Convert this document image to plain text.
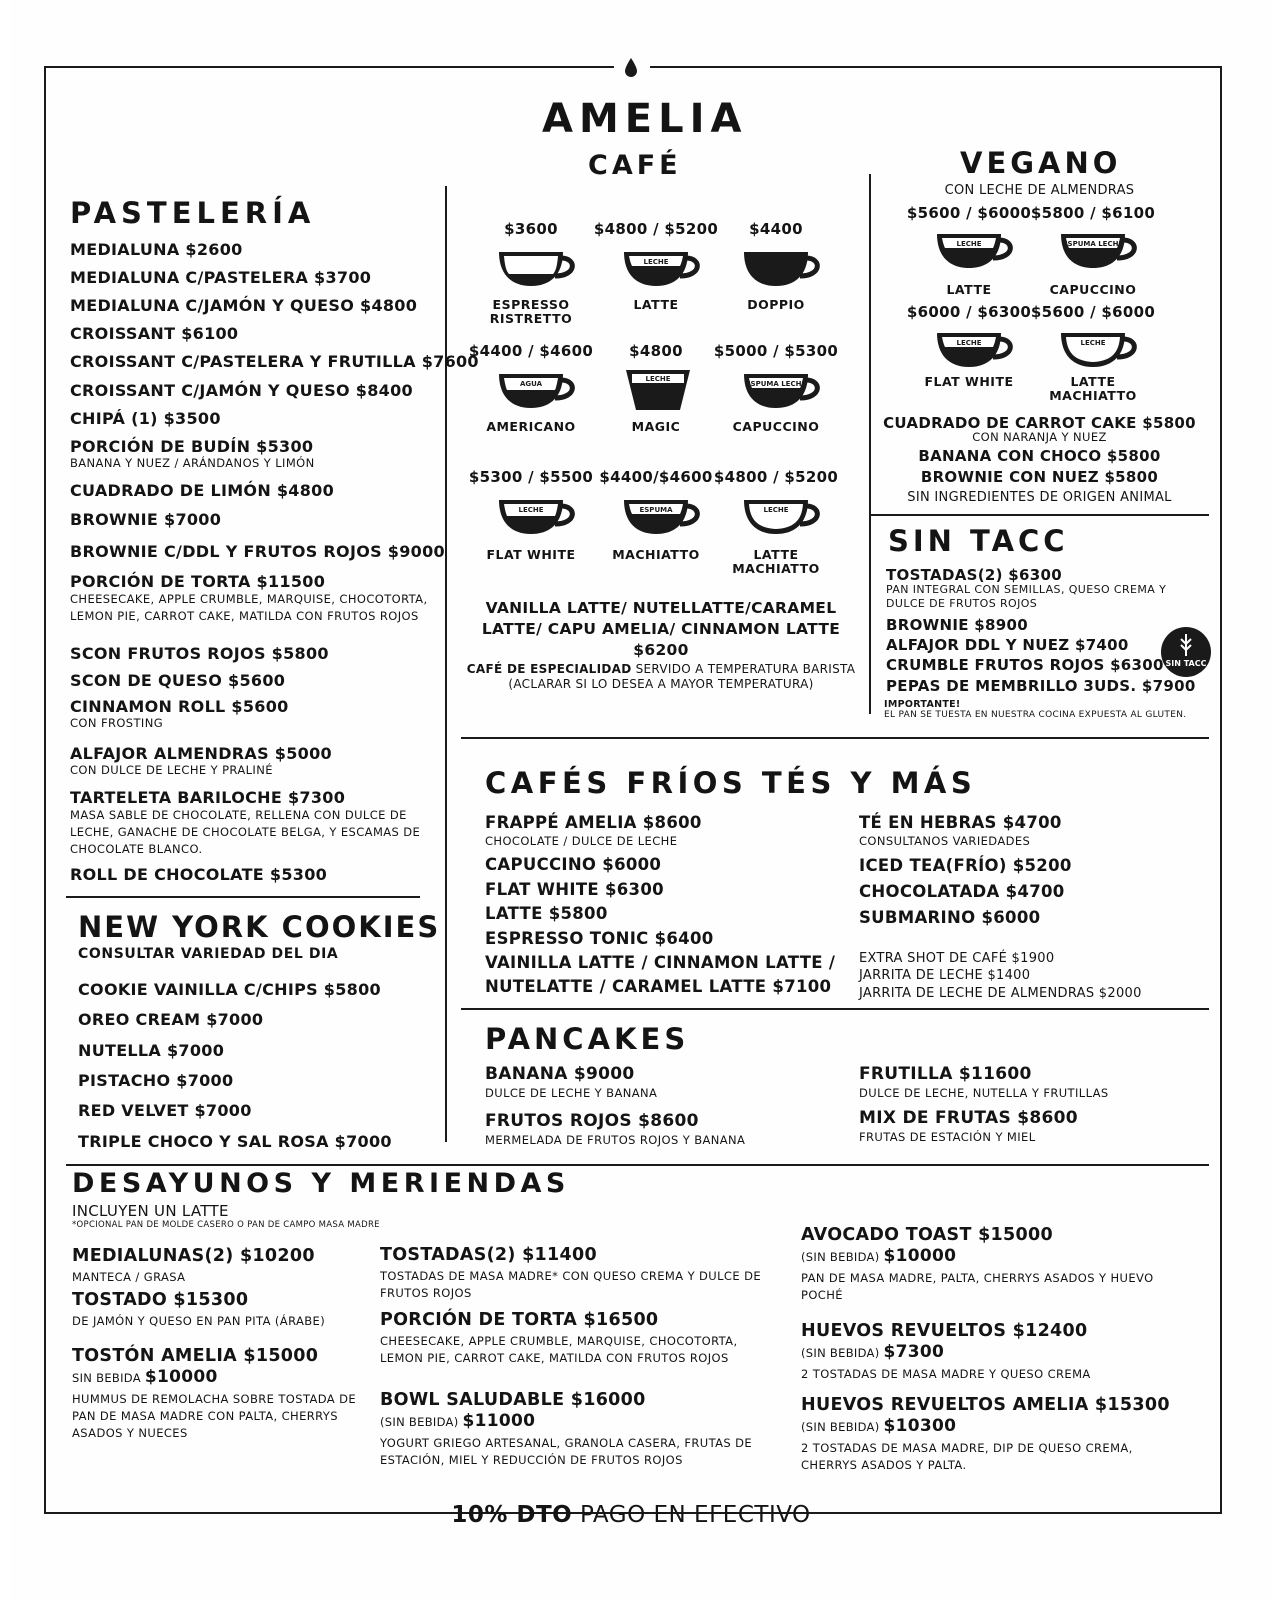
AMELIA
CAFÉ
PASTELERÍA
MEDIALUNA $2600
MEDIALUNA C/PASTELERA $3700
MEDIALUNA C/JAMÓN Y QUESO $4800
CROISSANT $6100
CROISSANT C/PASTELERA Y FRUTILLA $7600
CROISSANT C/JAMÓN Y QUESO $8400
CHIPÁ (1) $3500
PORCIÓN DE BUDÍN $5300
BANANA Y NUEZ / ARÁNDANOS Y LIMÓN
CUADRADO DE LIMÓN $4800
BROWNIE $7000
BROWNIE C/DDL Y FRUTOS ROJOS $9000
PORCIÓN DE TORTA $11500
CHEESECAKE, APPLE CRUMBLE, MARQUISE, CHOCOTORTA, LEMON PIE, CARROT CAKE, MATILDA CON FRUTOS ROJOS
SCON FRUTOS ROJOS $5800
SCON DE QUESO $5600
CINNAMON ROLL $5600
CON FROSTING
ALFAJOR ALMENDRAS $5000
CON DULCE DE LECHE Y PRALINÉ
TARTELETA BARILOCHE $7300
MASA SABLE DE CHOCOLATE, RELLENA CON DULCE DE LECHE, GANACHE DE CHOCOLATE BELGA, Y ESCAMAS DE CHOCOLATE BLANCO.
ROLL DE CHOCOLATE $5300
NEW YORK COOKIES
CONSULTAR VARIEDAD DEL DIA
COOKIE VAINILLA C/CHIPS $5800
OREO CREAM $7000
NUTELLA $7000
PISTACHO $7000
RED VELVET $7000
TRIPLE CHOCO Y SAL ROSA $7000
$3600
ESPRESSO RISTRETTO
$4800 / $5200
LECHE
LATTE
$4400
DOPPIO
$4400 / $4600
AGUA
AMERICANO
$4800
LECHE
MAGIC
$5000 / $5300
ESPUMA LECHE
CAPUCCINO
$5300 / $5500
LECHE
FLAT WHITE
$4400/$4600
ESPUMA
MACHIATTO
$4800 / $5200
LECHE
LATTE MACHIATTO
VANILLA LATTE/ NUTELLATTE/CARAMEL LATTE/ CAPU AMELIA/ CINNAMON LATTE $6200
CAFÉ DE ESPECIALIDAD SERVIDO A TEMPERATURA BARISTA
(ACLARAR SI LO DESEA A MAYOR TEMPERATURA)
VEGANO
CON LECHE DE ALMENDRAS
$5600 / $6000
LECHE
LATTE
$5800 / $6100
ESPUMA LECHE
CAPUCCINO
$6000 / $6300
LECHE
FLAT WHITE
$5600 / $6000
LECHE
LATTE MACHIATTO
CUADRADO DE CARROT CAKE $5800
CON NARANJA Y NUEZ
BANANA CON CHOCO $5800
BROWNIE CON NUEZ $5800
SIN INGREDIENTES DE ORIGEN ANIMAL
SIN TACC
TOSTADAS(2) $6300
PAN INTEGRAL CON SEMILLAS, QUESO CREMA Y DULCE DE FRUTOS ROJOS
BROWNIE $8900
ALFAJOR DDL Y NUEZ $7400
CRUMBLE FRUTOS ROJOS $6300
PEPAS DE MEMBRILLO 3UDS. $7900
IMPORTANTE!
EL PAN SE TUESTA EN NUESTRA COCINA EXPUESTA AL GLUTEN.
SIN TACC
CAFÉS FRÍOS TÉS Y MÁS
FRAPPÉ AMELIA $8600
CHOCOLATE / DULCE DE LECHE
CAPUCCINO $6000
FLAT WHITE $6300
LATTE $5800
ESPRESSO TONIC $6400
VAINILLA LATTE / CINNAMON LATTE /
NUTELATTE / CARAMEL LATTE $7100
TÉ EN HEBRAS $4700
CONSULTANOS VARIEDADES
ICED TEA(FRÍO) $5200
CHOCOLATADA $4700
SUBMARINO $6000
EXTRA SHOT DE CAFÉ $1900
JARRITA DE LECHE $1400
JARRITA DE LECHE DE ALMENDRAS $2000
PANCAKES
BANANA $9000
DULCE DE LECHE Y BANANA
FRUTOS ROJOS $8600
MERMELADA DE FRUTOS ROJOS Y BANANA
FRUTILLA $11600
DULCE DE LECHE, NUTELLA Y FRUTILLAS
MIX DE FRUTAS $8600
FRUTAS DE ESTACIÓN Y MIEL
DESAYUNOS Y MERIENDAS
INCLUYEN UN LATTE
*OPCIONAL PAN DE MOLDE CASERO O PAN DE CAMPO MASA MADRE
MEDIALUNAS(2) $10200
MANTECA / GRASA
TOSTADO $15300
DE JAMÓN Y QUESO EN PAN PITA (ÁRABE)
TOSTÓN AMELIA $15000
SIN BEBIDA $10000
HUMMUS DE REMOLACHA SOBRE TOSTADA DE PAN DE MASA MADRE CON PALTA, CHERRYS ASADOS Y NUECES
TOSTADAS(2) $11400
TOSTADAS DE MASA MADRE* CON QUESO CREMA Y DULCE DE FRUTOS ROJOS
PORCIÓN DE TORTA $16500
CHEESECAKE, APPLE CRUMBLE, MARQUISE, CHOCOTORTA, LEMON PIE, CARROT CAKE, MATILDA CON FRUTOS ROJOS
BOWL SALUDABLE $16000
(SIN BEBIDA) $11000
YOGURT GRIEGO ARTESANAL, GRANOLA CASERA, FRUTAS DE ESTACIÓN, MIEL Y REDUCCIÓN DE FRUTOS ROJOS
AVOCADO TOAST $15000
(SIN BEBIDA) $10000
PAN DE MASA MADRE, PALTA, CHERRYS ASADOS Y HUEVO POCHÉ
HUEVOS REVUELTOS $12400
(SIN BEBIDA) $7300
2 TOSTADAS DE MASA MADRE Y QUESO CREMA
HUEVOS REVUELTOS AMELIA $15300
(SIN BEBIDA) $10300
2 TOSTADAS DE MASA MADRE, DIP DE QUESO CREMA, CHERRYS ASADOS Y PALTA.
10% DTO PAGO EN EFECTIVO
